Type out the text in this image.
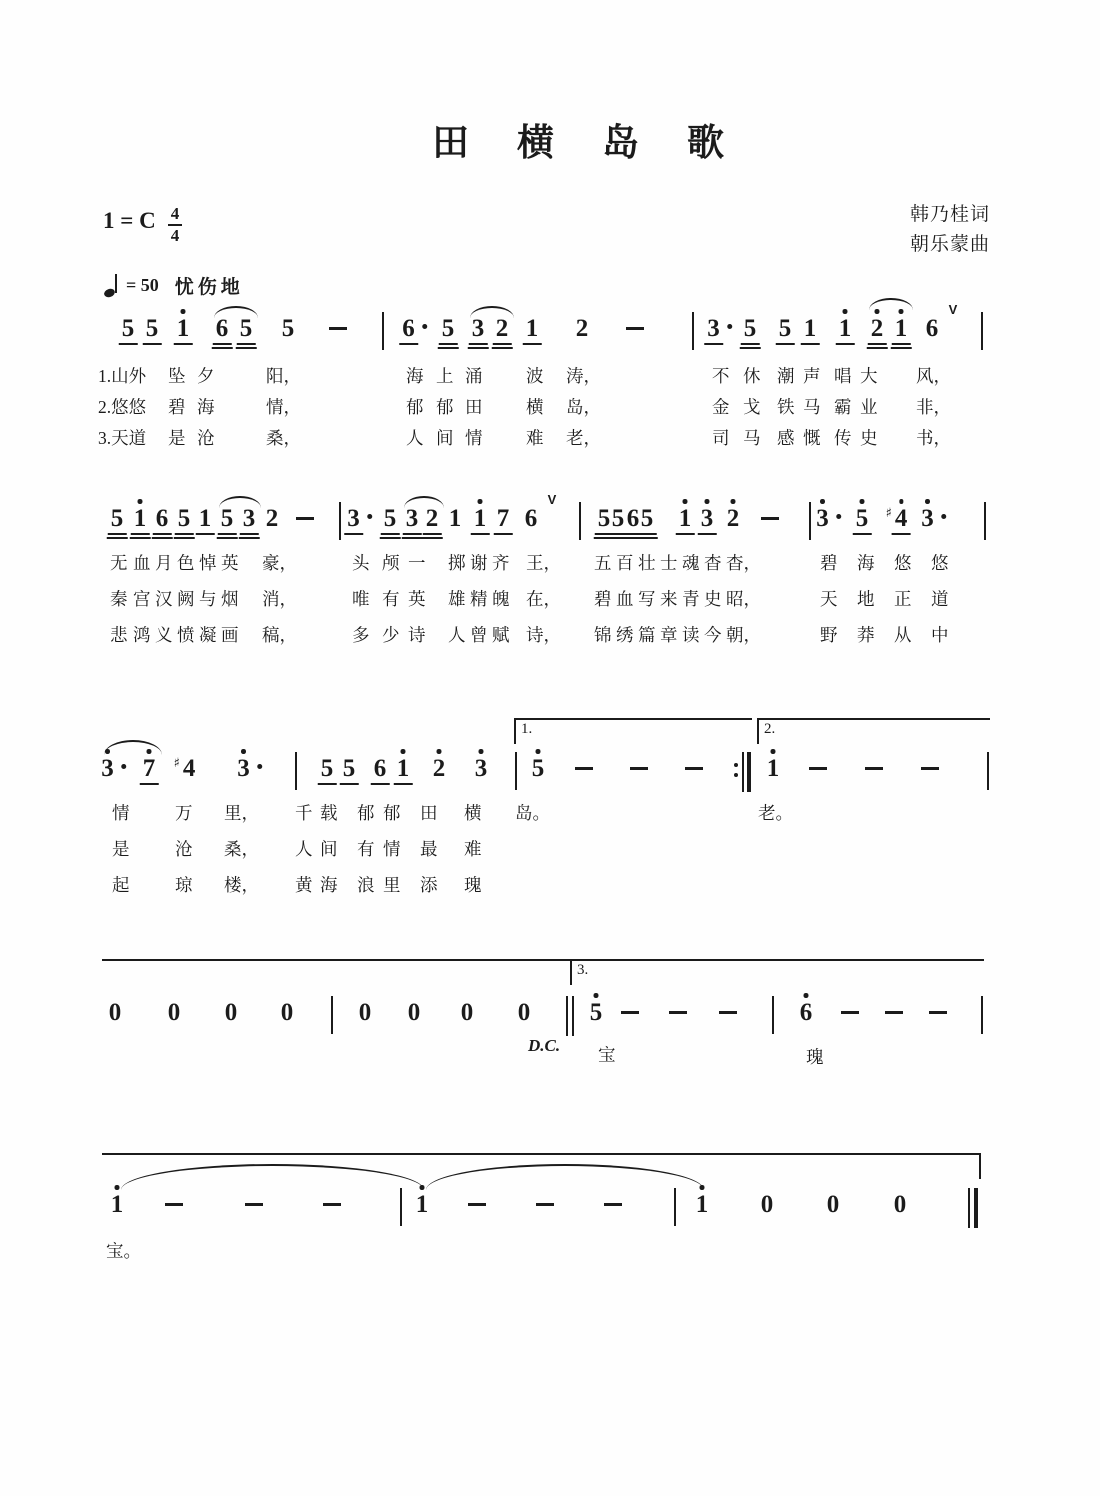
田横岛歌
1 = C $\frac{4}{4}$
= 50 忧伤地
韩乃桂词
朝乐蒙曲
5 5 1 6 5 5	6	5 3 2 1 2	3 5 5 1 1 2 1 6
V
5 1 6 5 1 5 3 2	3 5 3 2 1 1 7 6
V
5 5 6 5 1 3 2	3	5 ♯ 4 3
3	7 ♯ 4 3	5 5 6 1 2 3 5	1
0 0 0 0	0 0 0 0 5	6
1	1	1 0 0 0
1.	2.
3.
1.山外 坠 夕	阳，	海 上 涌 波 涛，	不 休 潮 声 唱 大 风，
2.悠悠 碧 海	情，	郁 郁 田 横 岛，	金 戈 铁 马 霸 业 非，
3.天道 是 沧	桑，	人 间 情 难 老，	司 马 感 慨 传 史 书，
无 血 月 色 悼 英 豪，	头 颅 一 掷 谢 齐 王， 五 百 壮 士 魂 杳 杳，	碧 海 悠 悠
秦 宫 汉 阙 与 烟 消，	唯 有 英 雄 精 魄 在， 碧 血 写 来 青 史 昭，	天 地 正 道
悲 鸿 义 愤 凝 画 稿，	多 少 诗 人 曾 赋 诗， 锦 绣 篇 章 读 今 朝，	野 莽 从 中
情	万 里， 千 载 郁 郁 田 横 岛。	老。
是	沧 桑， 人 间 有 情 最 难
起	琼 楼， 黄 海 浪 里 添 瑰
D.C. 宝	瑰
宝。
